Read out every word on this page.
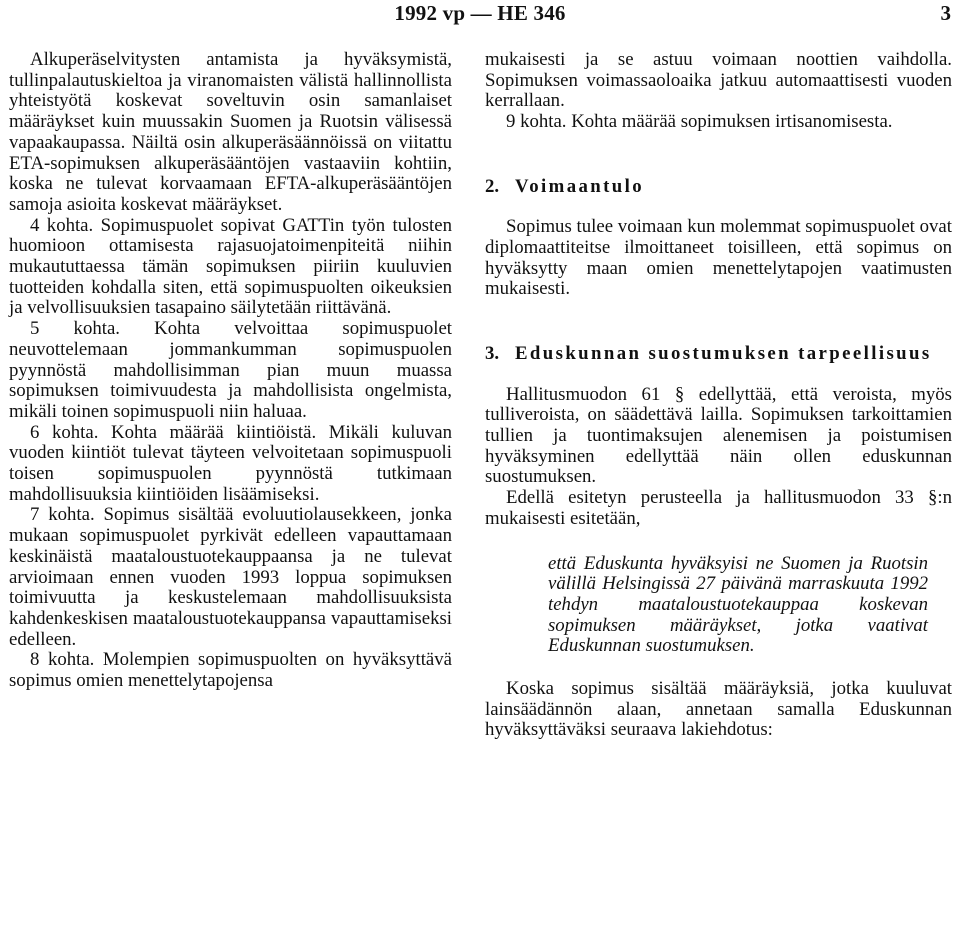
1992 vp — HE 346	3

Alkuperäselvitysten antamista ja hyväksymistä, tullinpalautuskieltoa ja viranomaisten välistä hallinnollista yhteistyötä koskevat soveltuvin osin samanlaiset määräykset kuin muussakin Suomen ja Ruotsin välisessä vapaakaupassa. Näiltä osin alkuperäsäännöissä on viitattu ETA-sopimuksen alkuperäsääntöjen vastaaviin kohtiin, koska ne tulevat korvaamaan EFTA-alkuperäsääntöjen samoja asioita koskevat määräykset.

4 kohta. Sopimuspuolet sopivat GATTin työn tulosten huomioon ottamisesta rajasuojatoimenpiteitä niihin mukaututtaessa tämän sopimuksen piiriin kuuluvien tuotteiden kohdalla siten, että sopimuspuolten oikeuksien ja velvollisuuksien tasapaino säilytetään riittävänä.

5 kohta. Kohta velvoittaa sopimuspuolet neuvottelemaan jommankumman sopimuspuolen pyynnöstä mahdollisimman pian muun muassa sopimuksen toimivuudesta ja mahdollisista ongelmista, mikäli toinen sopimuspuoli niin haluaa.

6 kohta. Kohta määrää kiintiöistä. Mikäli kuluvan vuoden kiintiöt tulevat täyteen velvoitetaan sopimuspuoli toisen sopimuspuolen pyynnöstä tutkimaan mahdollisuuksia kiintiöiden lisäämiseksi.

7 kohta. Sopimus sisältää evoluutiolausekkeen, jonka mukaan sopimuspuolet pyrkivät edelleen vapauttamaan keskinäistä maataloustuotekauppaansa ja ne tulevat arvioimaan ennen vuoden 1993 loppua sopimuksen toimivuutta ja keskustelemaan mahdollisuuksista kahdenkeskisen maataloustuotekauppansa vapauttamiseksi edelleen.

8 kohta. Molempien sopimuspuolten on hyväksyttävä sopimus omien menettelytapojensa

mukaisesti ja se astuu voimaan noottien vaihdolla. Sopimuksen voimassaoloaika jatkuu automaattisesti vuoden kerrallaan.

9 kohta. Kohta määrää sopimuksen irtisanomisesta.

2. Voimaantulo

Sopimus tulee voimaan kun molemmat sopimuspuolet ovat diplomaattiteitse ilmoittaneet toisilleen, että sopimus on hyväksytty maan omien menettelytapojen vaatimusten mukaisesti.

3. Eduskunnan suostumuksen tarpeellisuus

Hallitusmuodon 61 § edellyttää, että veroista, myös tulliveroista, on säädettävä lailla. Sopimuksen tarkoittamien tullien ja tuontimaksujen alenemisen ja poistumisen hyväksyminen edellyttää näin ollen eduskunnan suostumuksen.

Edellä esitetyn perusteella ja hallitusmuodon 33 §:n mukaisesti esitetään,

että Eduskunta hyväksyisi ne Suomen ja Ruotsin välillä Helsingissä 27 päivänä marraskuuta 1992 tehdyn maataloustuotekauppaa koskevan sopimuksen määräykset, jotka vaativat Eduskunnan suostumuksen.

Koska sopimus sisältää määräyksiä, jotka kuuluvat lainsäädännön alaan, annetaan samalla Eduskunnan hyväksyttäväksi seuraava lakiehdotus:
